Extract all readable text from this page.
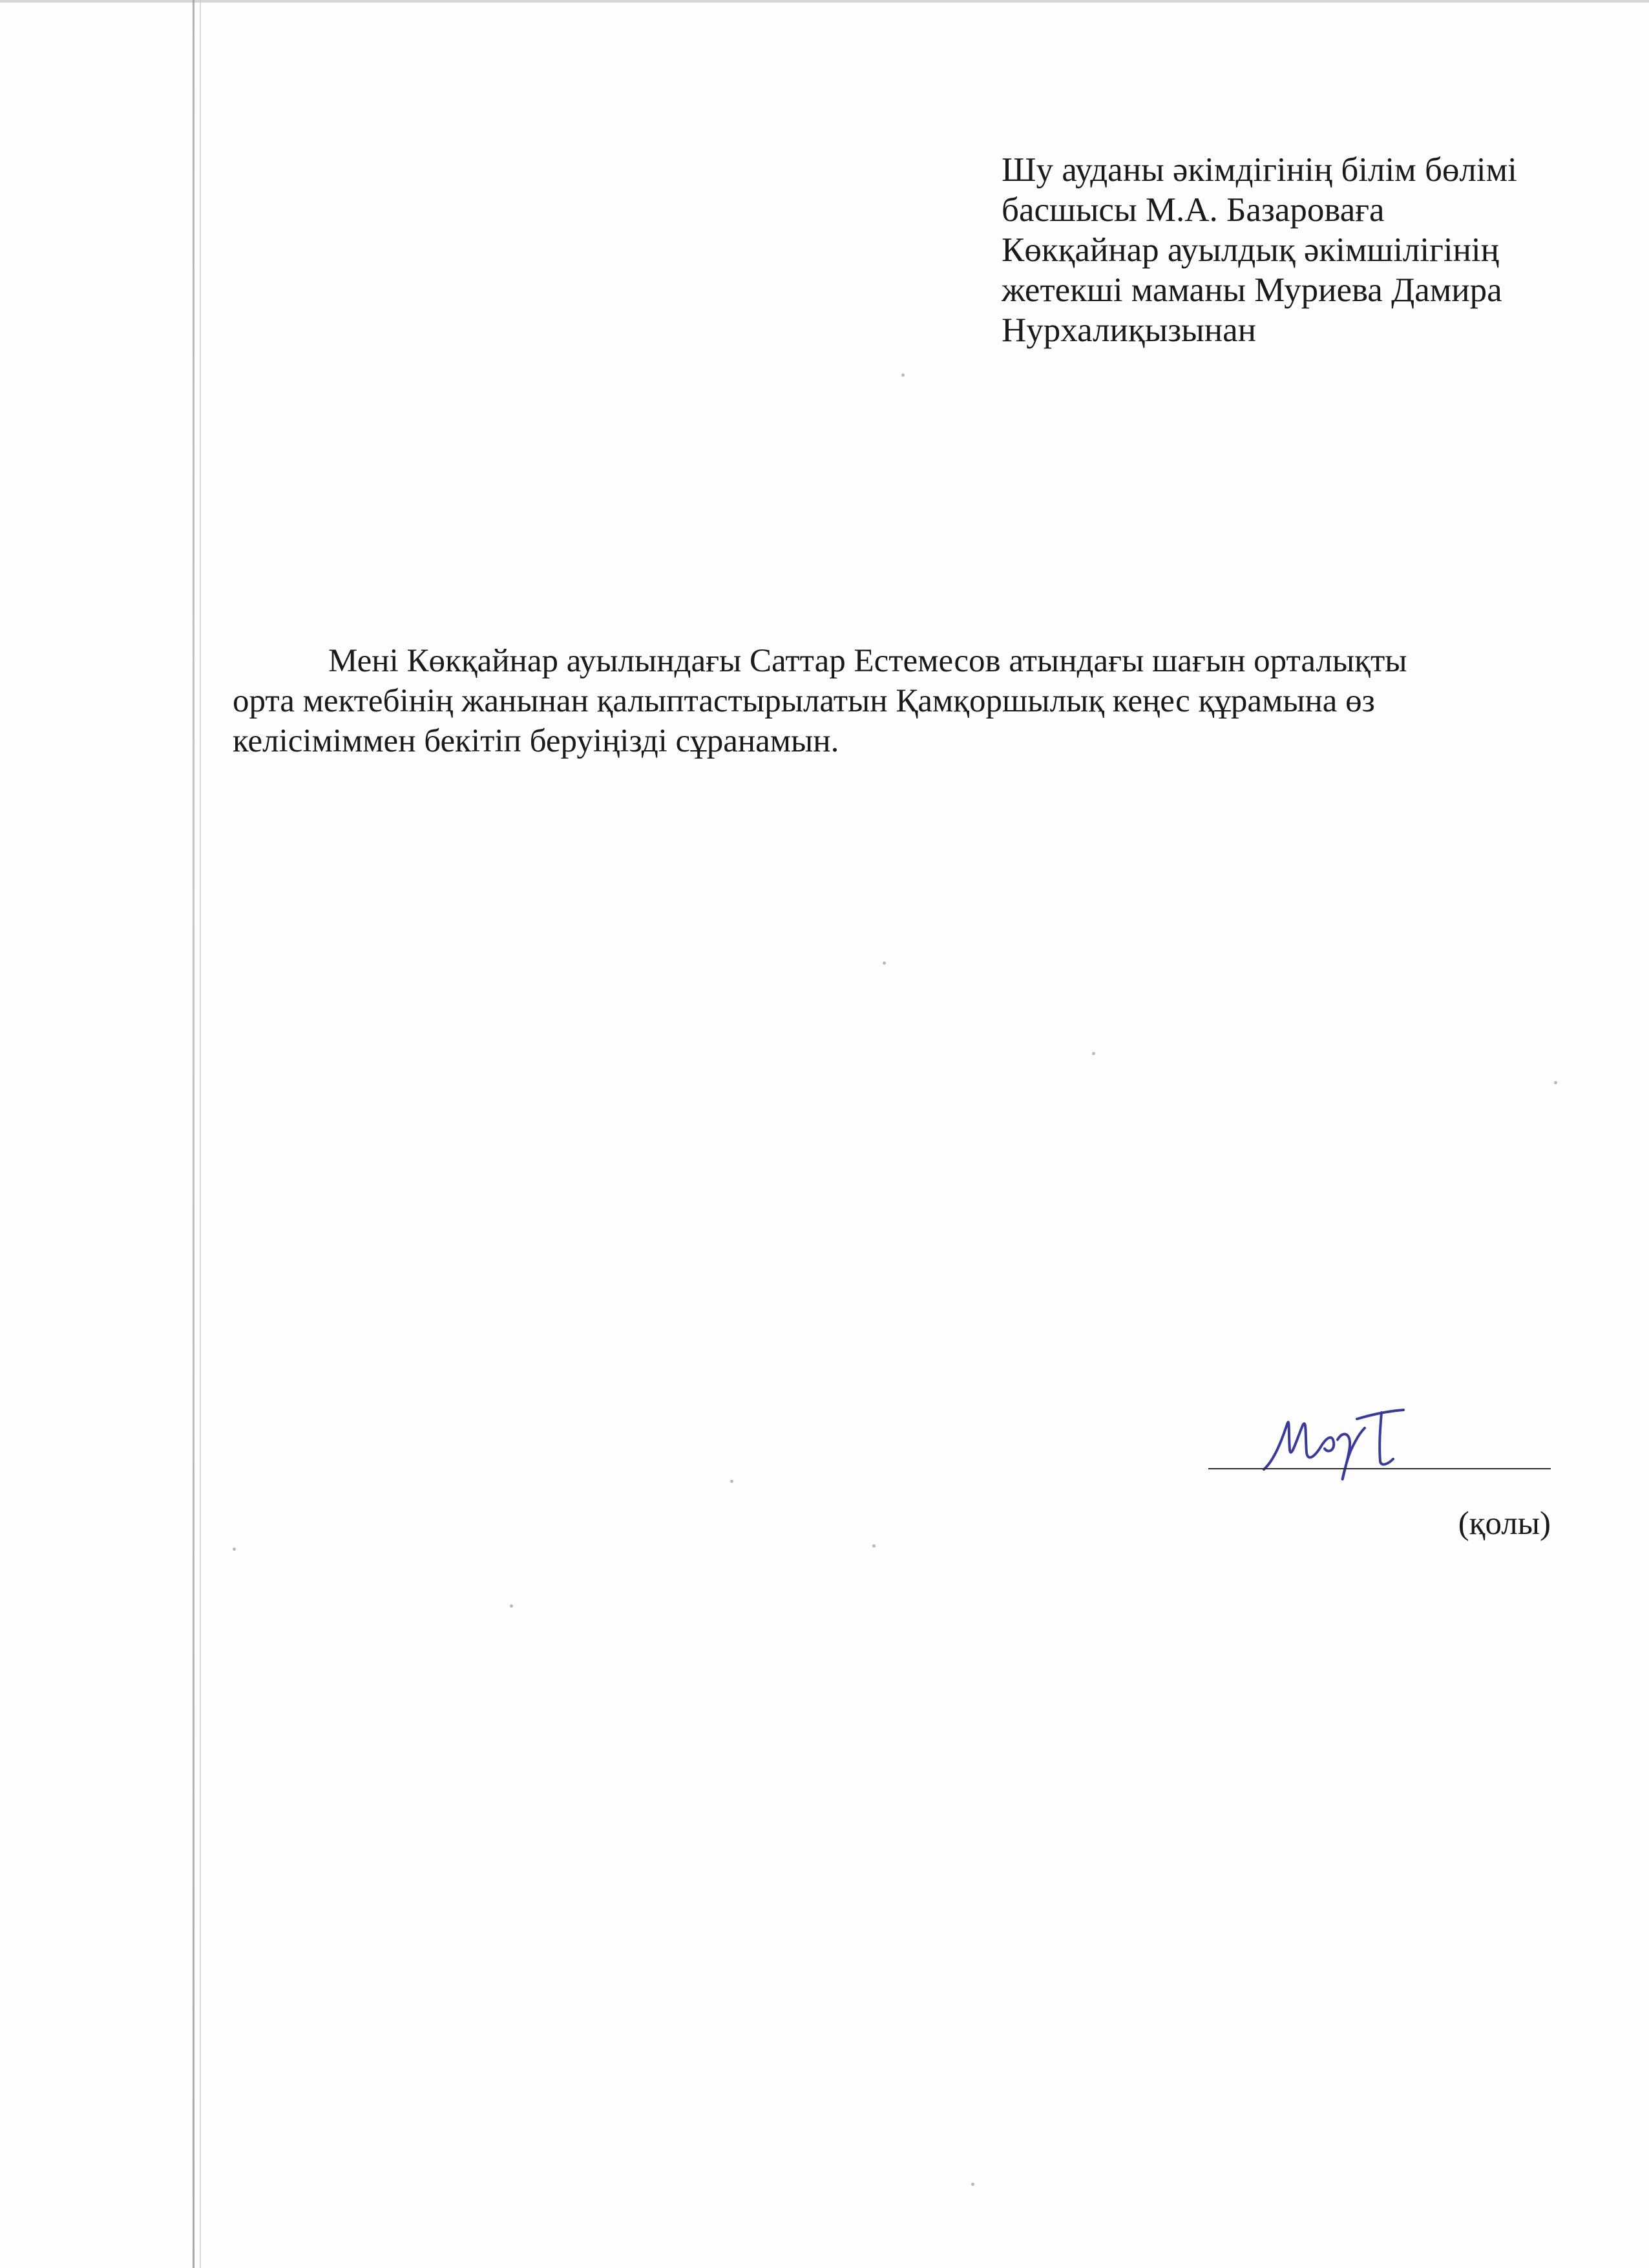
Шу ауданы әкімдігінің білім бөлімі
басшысы М.А. Базароваға
Көкқайнар ауылдық әкімшілігінің
жетекші маманы Муриева Дамира
Нурхалиқызынан
Мені Көкқайнар ауылындағы Саттар Естемесов атындағы шағын орталықты
орта мектебінің жанынан қалыптастырылатын Қамқоршылық кеңес құрамына өз
келісіміммен бекітіп беруіңізді сұранамын.
(қолы)
